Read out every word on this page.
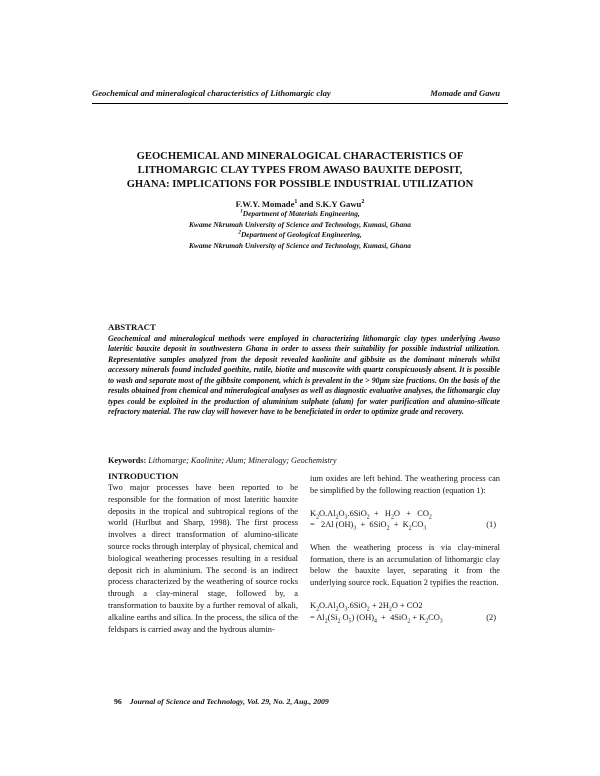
Geochemical and mineralogical characteristics of Lithomargic clay	Momade and Gawu
GEOCHEMICAL AND MINERALOGICAL CHARACTERISTICS OF
LITHOMARGIC CLAY TYPES FROM AWASO BAUXITE DEPOSIT,
GHANA: IMPLICATIONS FOR POSSIBLE INDUSTRIAL UTILIZATION
F.W.Y. Momade$^1$ and S.K.Y Gawu$^2$
$^1$Department of Materials Engineering,
Kwame Nkrumah University of Science and Technology, Kumasi, Ghana
$^2$Department of Geological Engineering,
Kwame Nkrumah University of Science and Technology, Kumasi, Ghana
ABSTRACT
Geochemical and mineralogical methods were employed in characterizing lithomargic clay types underlying Awaso lateritic bauxite deposit in southwestern Ghana in order to assess their suitability for possible industrial utilization. Representative samples analyzed from the deposit revealed kaolinite and gibbsite as the dominant minerals whilst accessory minerals found included goethite, rutile, biotite and muscovite with quartz conspicuously absent. It is possible to wash and separate most of the gibbsite component, which is prevalent in the > 90μm size fractions. On the basis of the results obtained from chemical and mineralogical analyses as well as diagnostic evaluative analyses, the lithomargic clay types could be exploited in the production of aluminium sulphate (alum) for water purification and alumino-silicate refractory material. The raw clay will however have to be beneficiated in order to optimize grade and recovery.
Keywords: Lithomarge; Kaolinite; Alum; Mineralogy; Geochemistry
INTRODUCTION

Two major processes have been reported to be responsible for the formation of most lateritic bauxite deposits in the tropical and subtropical regions of the world (Hurlbut and Sharp, 1998). The first process involves a direct transformation of alumino-silicate source rocks through interplay of physical, chemical and biological weathering processes resulting in a residual deposit rich in aluminium. The second is an indirect process characterized by the weathering of source rocks through a clay-mineral stage, followed by, a transformation to bauxite by a further removal of alkali, alkaline earths and silica. In the process, the silica of the feldspars is carried away and the hydrous alumin-

ium oxides are left behind. The weathering process can be simplified by the following reaction (equation 1):

$K_2O.Al_2O_3.6SiO_2 + H_2O + CO_2$
=   2Al $(OH)_3 + 6SiO_2 + K_2CO_3$	(1)

When the weathering process is via clay-mineral formation, there is an accumulation of lithomargic clay below the bauxite layer, separating it from the underlying source rock. Equation 2 typifies the reaction.

$K_2O.Al_2O_3.6SiO_2 + 2H_2O + CO2$
= $Al_2(Si_2$ $O_5$) $(OH)_4 + 4SiO_2 + K_2CO_3$	(2)
96 Journal of Science and Technology, Vol. 29, No. 2, Aug., 2009
